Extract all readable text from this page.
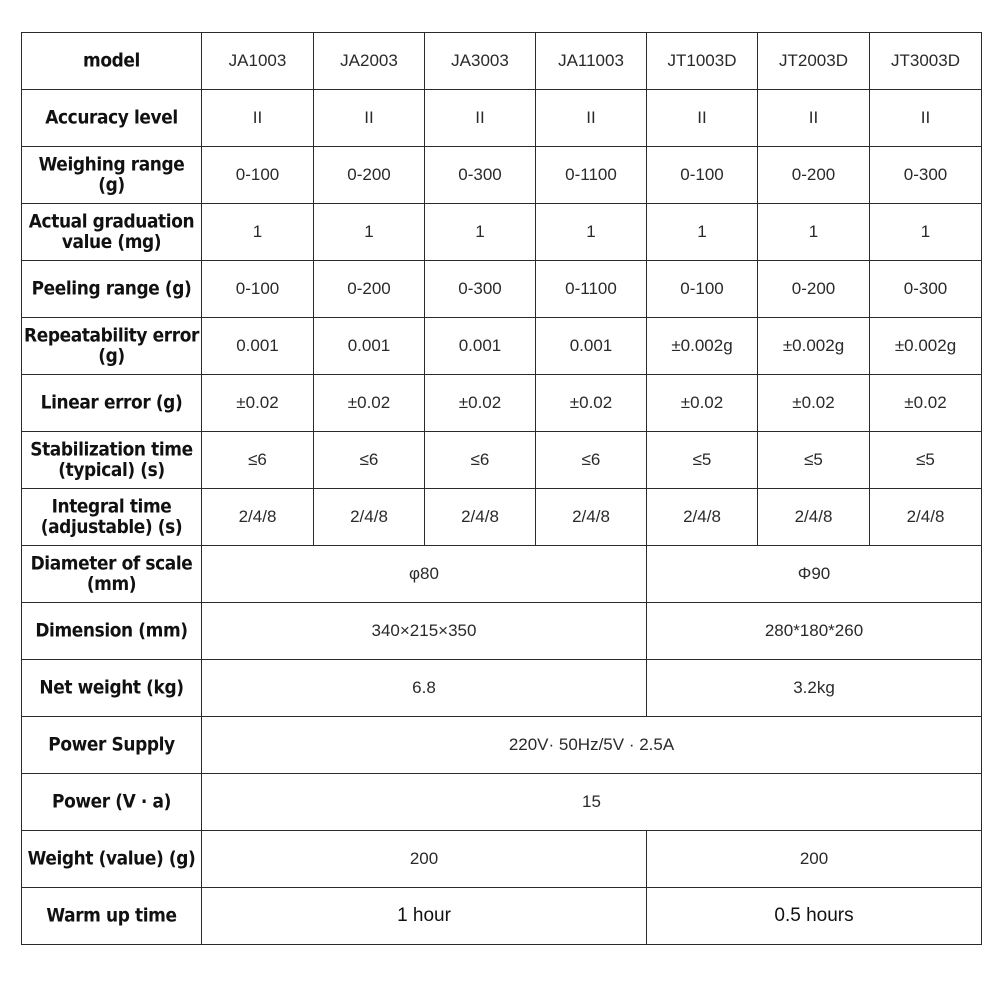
model	JA1003	JA2003	JA3003	JA11003	JT1003D	JT2003D	JT3003D
Accuracy level	II	II	II	II	II	II	II
Weighing range (g)	0-100	0-200	0-300	0-1100	0-100	0-200	0-300
Actual graduation value (mg)	1	1	1	1	1	1	1
Peeling range (g)	0-100	0-200	0-300	0-1100	0-100	0-200	0-300
Repeatability error (g)	0.001	0.001	0.001	0.001	±0.002g	±0.002g	±0.002g
Linear error (g)	±0.02	±0.02	±0.02	±0.02	±0.02	±0.02	±0.02
Stabilization time (typical) (s)	≤6	≤6	≤6	≤6	≤5	≤5	≤5
Integral time (adjustable) (s)	2/4/8	2/4/8	2/4/8	2/4/8	2/4/8	2/4/8	2/4/8
Diameter of scale (mm)	φ80				Φ90		
Dimension (mm)	340×215×350				280*180*260		
Net weight (kg)	6.8				3.2kg		
Power Supply	220V· 50Hz/5V · 2.5A						
Power (V · a)	15						
Weight (value) (g)	200				200		
Warm up time	1 hour				0.5 hours		
